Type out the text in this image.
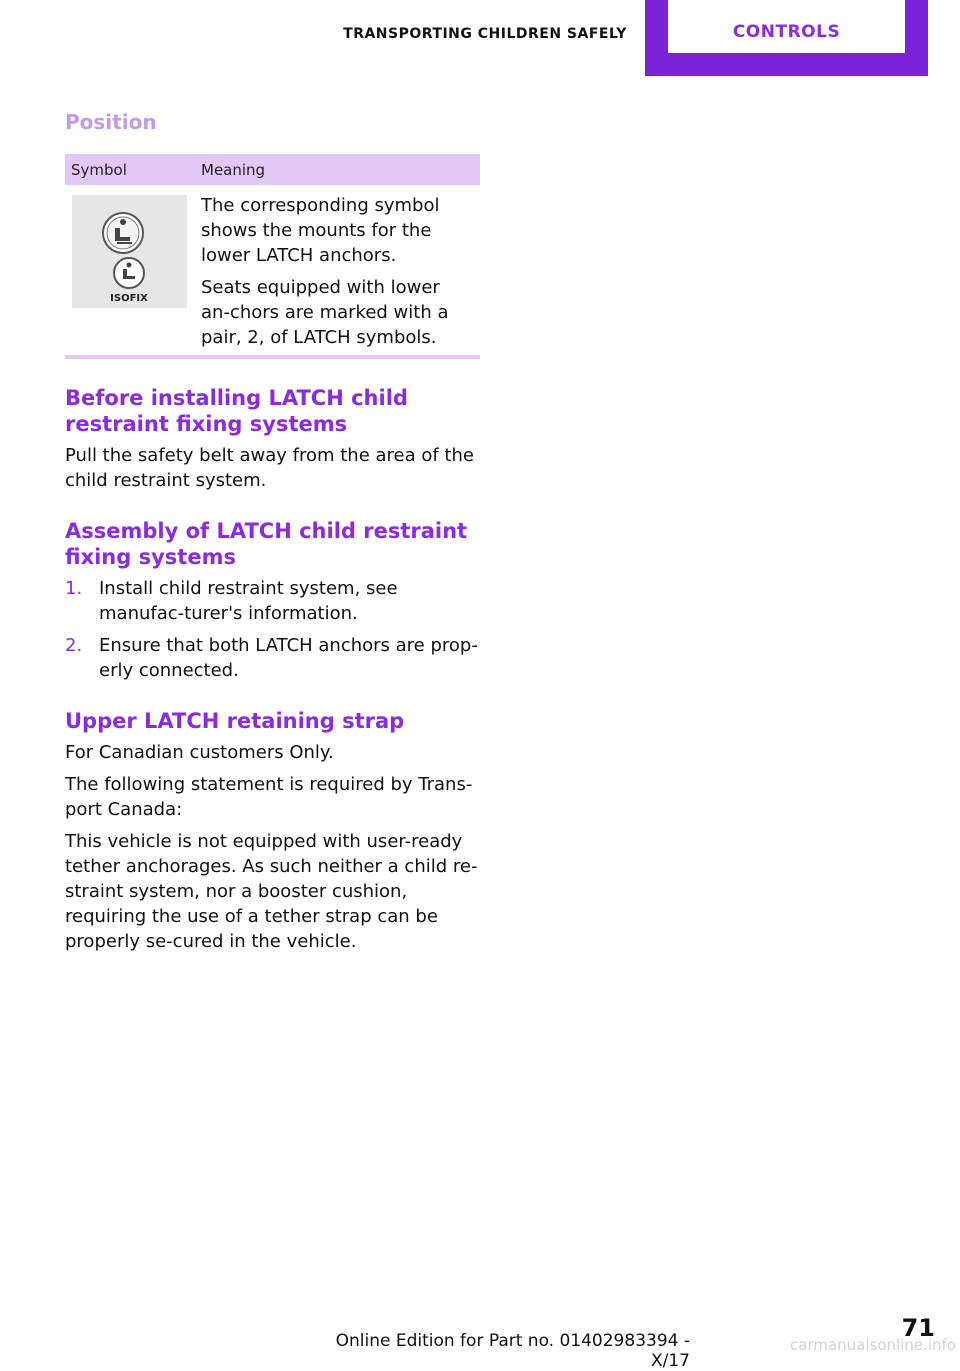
TRANSPORTING CHILDREN SAFELY	CONTROLS
Position
Symbol	Meaning
ISOFIX

The corresponding symbol shows the mounts for the lower LATCH anchors.

Seats equipped with lower an-chors are marked with a pair, 2, of LATCH symbols.

Before installing LATCH child restraint fixing systems

Pull the safety belt away from the area of the child restraint system.

Assembly of LATCH child restraint fixing systems
1. Install child restraint system, see manufac-turer's information.
2. Ensure that both LATCH anchors are prop-erly connected.
Upper LATCH retaining strap

For Canadian customers Only.

The following statement is required by Trans-port Canada:

This vehicle is not equipped with user-ready tether anchorages. As such neither a child re-straint system, nor a booster cushion, requiring the use of a tether strap can be properly se-cured in the vehicle.

71
Online Edition for Part no. 01402983394 - X/17
carmanualsonline.info
